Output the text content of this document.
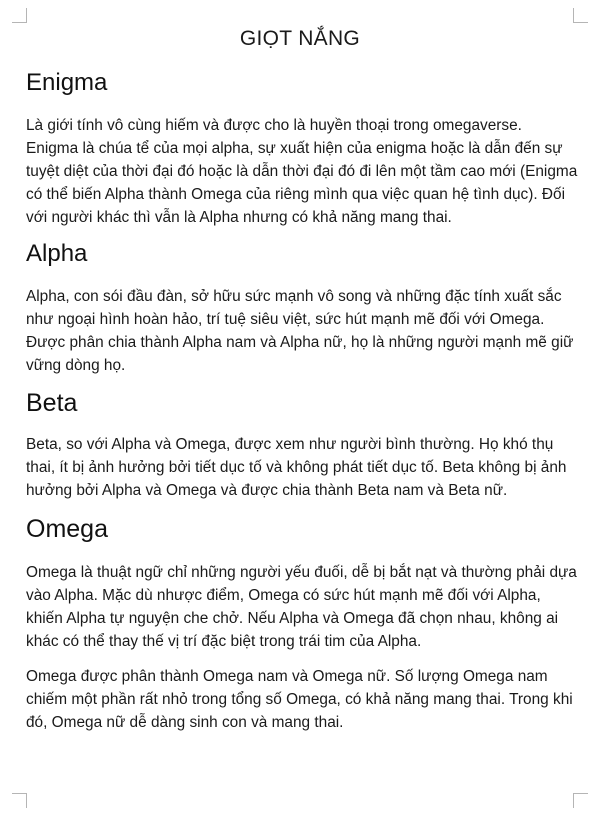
GIỌT NẮNG
Enigma

Là giới tính vô cùng hiếm và được cho là huyền thoại trong omegaverse. Enigma là chúa tể của mọi alpha, sự xuất hiện của enigma hoặc là dẫn đến sự tuyệt diệt của thời đại đó hoặc là dẫn thời đại đó đi lên một tầm cao mới (Enigma có thể biến Alpha thành Omega của riêng mình qua việc quan hệ tình dục). Đối với người khác thì vẫn là Alpha nhưng có khả năng mang thai.

Alpha

Alpha, con sói đầu đàn, sở hữu sức mạnh vô song và những đặc tính xuất sắc như ngoại hình hoàn hảo, trí tuệ siêu việt, sức hút mạnh mẽ đối với Omega. Được phân chia thành Alpha nam và Alpha nữ, họ là những người mạnh mẽ giữ vững dòng họ.

Beta

Beta, so với Alpha và Omega, được xem như người bình thường. Họ khó thụ thai, ít bị ảnh hưởng bởi tiết dục tố và không phát tiết dục tố. Beta không bị ảnh hưởng bởi Alpha và Omega và được chia thành Beta nam và Beta nữ.

Omega

Omega là thuật ngữ chỉ những người yếu đuối, dễ bị bắt nạt và thường phải dựa vào Alpha. Mặc dù nhược điểm, Omega có sức hút mạnh mẽ đối với Alpha, khiến Alpha tự nguyện che chở. Nếu Alpha và Omega đã chọn nhau, không ai khác có thể thay thế vị trí đặc biệt trong trái tim của Alpha.

Omega được phân thành Omega nam và Omega nữ. Số lượng Omega nam chiếm một phần rất nhỏ trong tổng số Omega, có khả năng mang thai. Trong khi đó, Omega nữ dễ dàng sinh con và mang thai.
